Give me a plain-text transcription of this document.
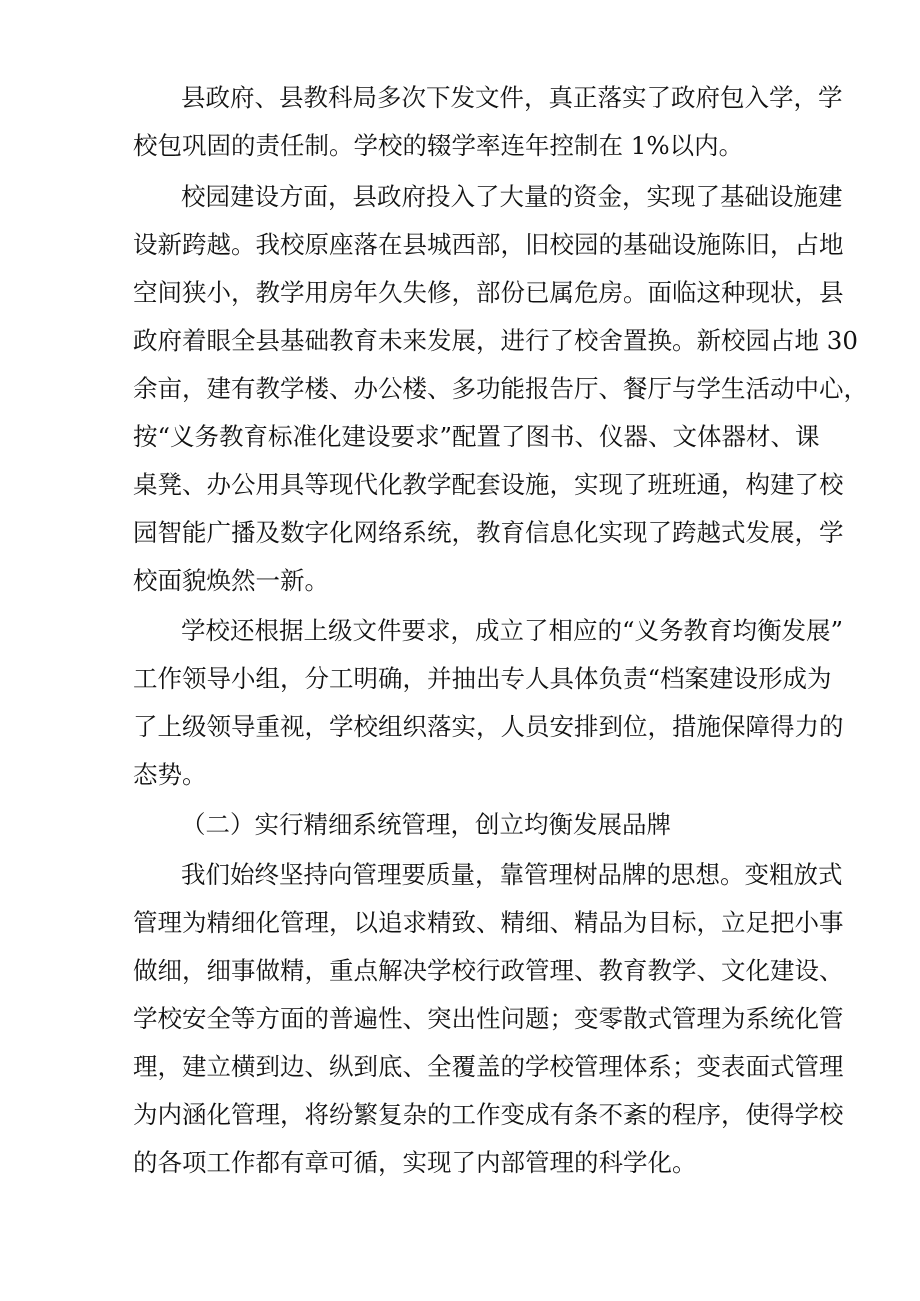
县政府、县教科局多次下发文件，真正落实了政府包入学，学

校包巩固的责任制。学校的辍学率连年控制在 1%以内。

校园建设方面，县政府投入了大量的资金，实现了基础设施建

设新跨越。我校原座落在县城西部，旧校园的基础设施陈旧，占地

空间狭小，教学用房年久失修，部份已属危房。面临这种现状，县

政府着眼全县基础教育未来发展，进行了校舍置换。新校园占地 30

余亩，建有教学楼、办公楼、多功能报告厅、餐厅与学生活动中心，

按“义务教育标准化建设要求”配置了图书、仪器、文体器材、课

桌凳、办公用具等现代化教学配套设施，实现了班班通，构建了校

园智能广播及数字化网络系统，教育信息化实现了跨越式发展，学

校面貌焕然一新。

学校还根据上级文件要求，成立了相应的“义务教育均衡发展”

工作领导小组，分工明确，并抽出专人具体负责“档案建设形成为

了上级领导重视，学校组织落实，人员安排到位，措施保障得力的

态势。

（二）实行精细系统管理，创立均衡发展品牌

我们始终坚持向管理要质量，靠管理树品牌的思想。变粗放式

管理为精细化管理，以追求精致、精细、精品为目标，立足把小事

做细，细事做精，重点解决学校行政管理、教育教学、文化建设、

学校安全等方面的普遍性、突出性问题；变零散式管理为系统化管

理，建立横到边、纵到底、全覆盖的学校管理体系；变表面式管理

为内涵化管理，将纷繁复杂的工作变成有条不紊的程序，使得学校

的各项工作都有章可循，实现了内部管理的科学化。
